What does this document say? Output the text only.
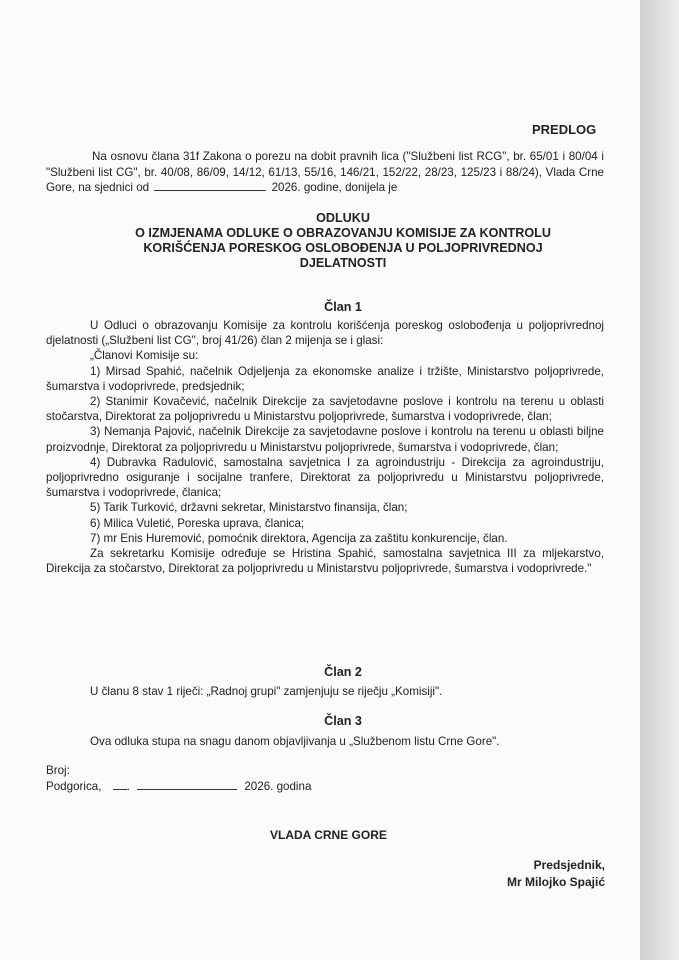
PREDLOG
Na osnovu člana 31f Zakona o porezu na dobit pravnih lica ("Službeni list RCG", br. 65/01 i 80/04 i "Službeni list CG", br. 40/08, 86/09, 14/12, 61/13, 55/16, 146/21, 152/22, 28/23, 125/23 i 88/24), Vlada Crne Gore, na sjednici od	2026. godine, donijela je
ODLUKU
O IZMJENAMA ODLUKE O OBRAZOVANJU KOMISIJE ZA KONTROLU
KORIŠĆENJA PORESKOG OSLOBOĐENJA U POLJOPRIVREDNOJ
DJELATNOSTI
Član 1

U Odluci o obrazovanju Komisije za kontrolu korišćenja poreskog oslobođenja u poljoprivrednoj djelatnosti („Službeni list CG", broj 41/26) član 2 mijenja se i glasi:

„Članovi Komisije su:

1) Mirsad Spahić, načelnik Odjeljenja za ekonomske analize i tržište, Ministarstvo poljoprivrede, šumarstva i vodoprivrede, predsjednik;

2) Stanimir Kovačević, načelnik Direkcije za savjetodavne poslove i kontrolu na terenu u oblasti stočarstva, Direktorat za poljoprivredu u Ministarstvu poljoprivrede, šumarstva i vodoprivrede, član;

3) Nemanja Pajović, načelnik Direkcije za savjetodavne poslove i kontrolu na terenu u oblasti biljne proizvodnje, Direktorat za poljoprivredu u Ministarstvu poljoprivrede, šumarstva i vodoprivrede, član;

4) Dubravka Radulović, samostalna savjetnica I za agroindustriju - Direkcija za agroindustriju, poljoprivredno osiguranje i socijalne tranfere, Direktorat za poljoprivredu u Ministarstvu poljoprivrede, šumarstva i vodoprivrede, članica;

5) Tarik Turković, državni sekretar, Ministarstvo finansija, član;

6) Milica Vuletić, Poreska uprava, članica;

7) mr Enis Huremović, pomoćnik direktora, Agencija za zaštitu konkurencije, član.

Za sekretarku Komisije određuje se Hristina Spahić, samostalna savjetnica III za mljekarstvo, Direkcija za stočarstvo, Direktorat za poljoprivredu u Ministarstvu poljoprivrede, šumarstva i vodoprivrede."

Član 2

U članu 8 stav 1 riječi: „Radnoj grupi" zamjenjuju se riječju „Komisiji".

Član 3

Ova odluka stupa na snagu danom objavljivanja u „Službenom listu Crne Gore".

Broj:
Podgorica, .	2026. godina
VLADA CRNE GORE
Predsjednik,
Mr Milojko Spajić
